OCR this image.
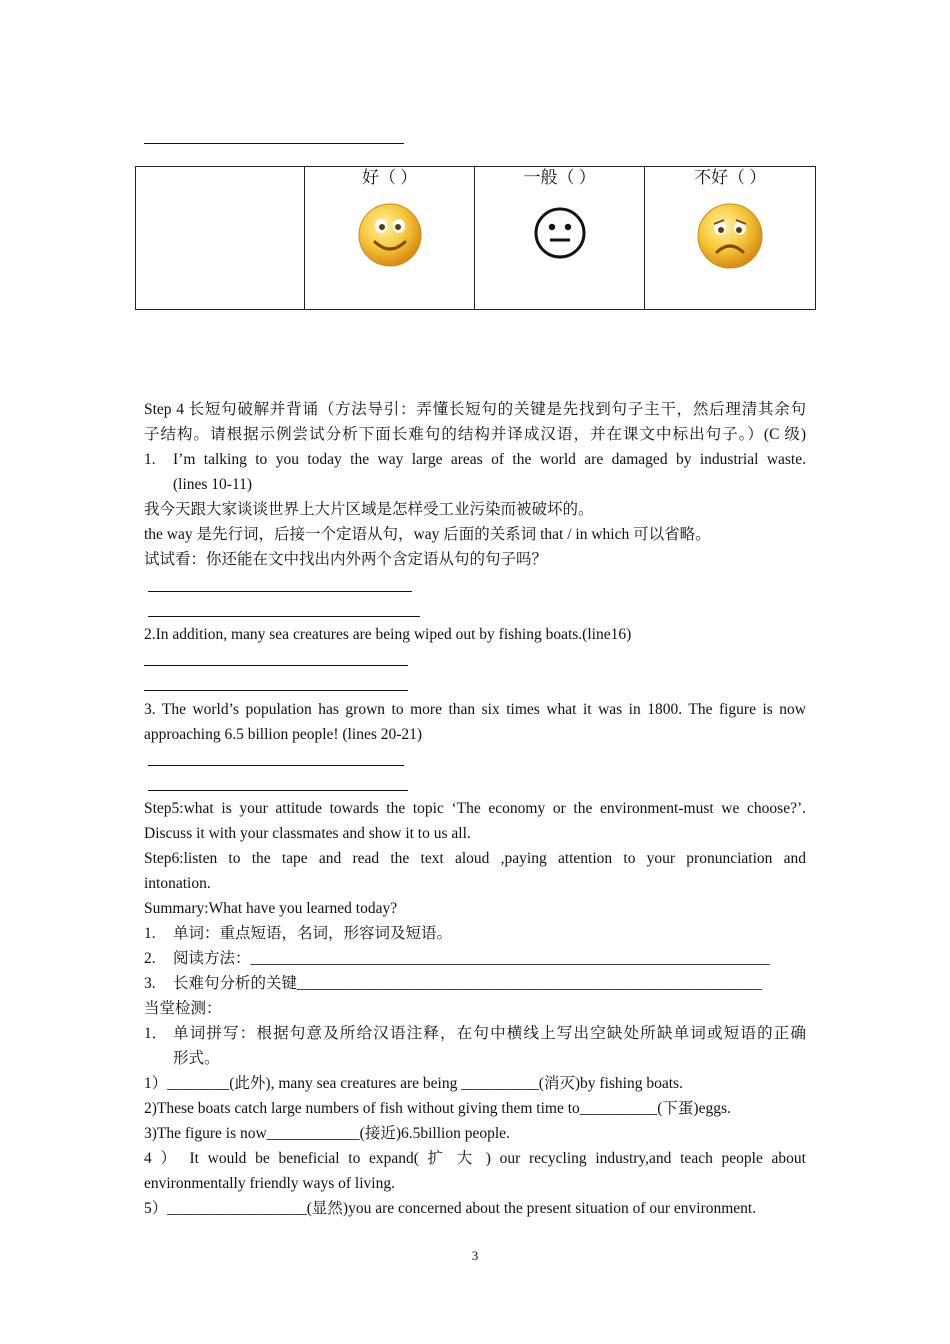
好（ ）	一般（ ）	不好（ ）
Step 4 长短句破解并背诵（方法导引：弄懂长短句的关键是先找到句子主干，然后理清其余句
子结构。请根据示例尝试分析下面长难句的结构并译成汉语，并在课文中标出句子。）(C 级)
1. I’m talking to you today the way large areas of the world are damaged by industrial waste.
(lines 10-11)
我今天跟大家谈谈世界上大片区域是怎样受工业污染而被破坏的。
the way 是先行词，后接一个定语从句，way 后面的关系词 that / in which 可以省略。
试试看：你还能在文中找出内外两个含定语从句的句子吗？
2.In addition, many sea creatures are being wiped out by fishing boats.(line16)
3. The world’s population has grown to more than six times what it was in 1800. The figure is now
approaching 6.5 billion people! (lines 20-21)
Step5:what is your attitude towards the topic ‘The economy or the environment-must we choose?’.
Discuss it with your classmates and show it to us all.
Step6:listen to the tape and read the text aloud ,paying attention to your pronunciation and
intonation.
Summary:What have you learned today?
1. 单词：重点短语，名词，形容词及短语。
2. 阅读方法：___________________________________________________________________
3. 长难句分析的关键____________________________________________________________
当堂检测：
1． 单词拼写：根据句意及所给汉语注释，在句中横线上写出空缺处所缺单词或短语的正确
形式。
1）________(此外), many sea creatures are being __________(消灭)by fishing boats.
2)These boats catch large numbers of fish without giving them time to__________(下蛋)eggs.
3)The figure is now____________(接近)6.5billion people.
4 ） It would be beneficial to expand( 扩 大 ) our recycling industry,and teach people about
environmentally friendly ways of living.
5）__________________(显然)you are concerned about the present situation of our environment.
3
